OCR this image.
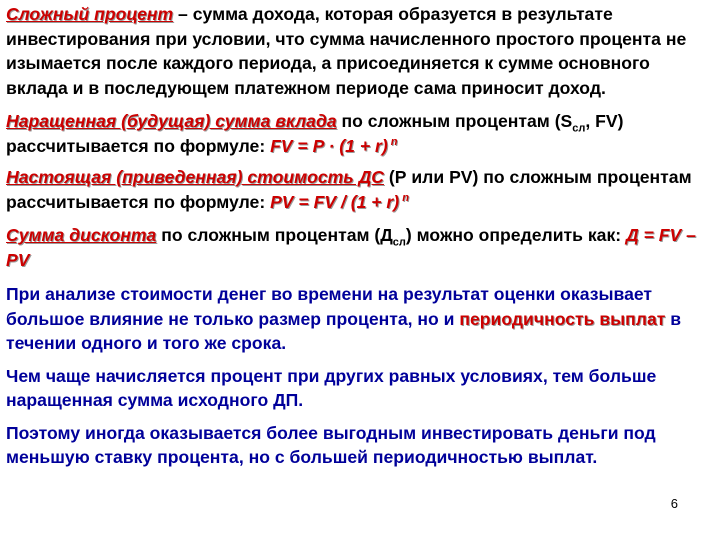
Сложный процент – сумма дохода, которая образуется в результате инвестирования при условии, что сумма начисленного простого процента не изымается после каждого периода, а присоединяется к сумме основного вклада и в последующем платежном периоде сама приносит доход.

Наращенная (будущая) сумма вклада по сложным процентам ($S_{сл}$, FV) рассчитывается по формуле: FV = P · (1 + r) $^n$

Настоящая (приведенная) стоимость ДС (Р или PV) по сложным процентам рассчитывается по формуле: PV = FV / (1 + r) $^n$

Сумма дисконта по сложным процентам $(Д_{сл})$ можно определить как: Д = FV – PV

При анализе стоимости денег во времени на результат оценки оказывает большое влияние не только размер процента, но и периодичность выплат в течении одного и того же срока.

Чем чаще начисляется процент при других равных условиях, тем больше наращенная сумма исходного ДП.

Поэтому иногда оказывается более выгодным инвестировать деньги под меньшую ставку процента, но с большей периодичностью выплат.

6
